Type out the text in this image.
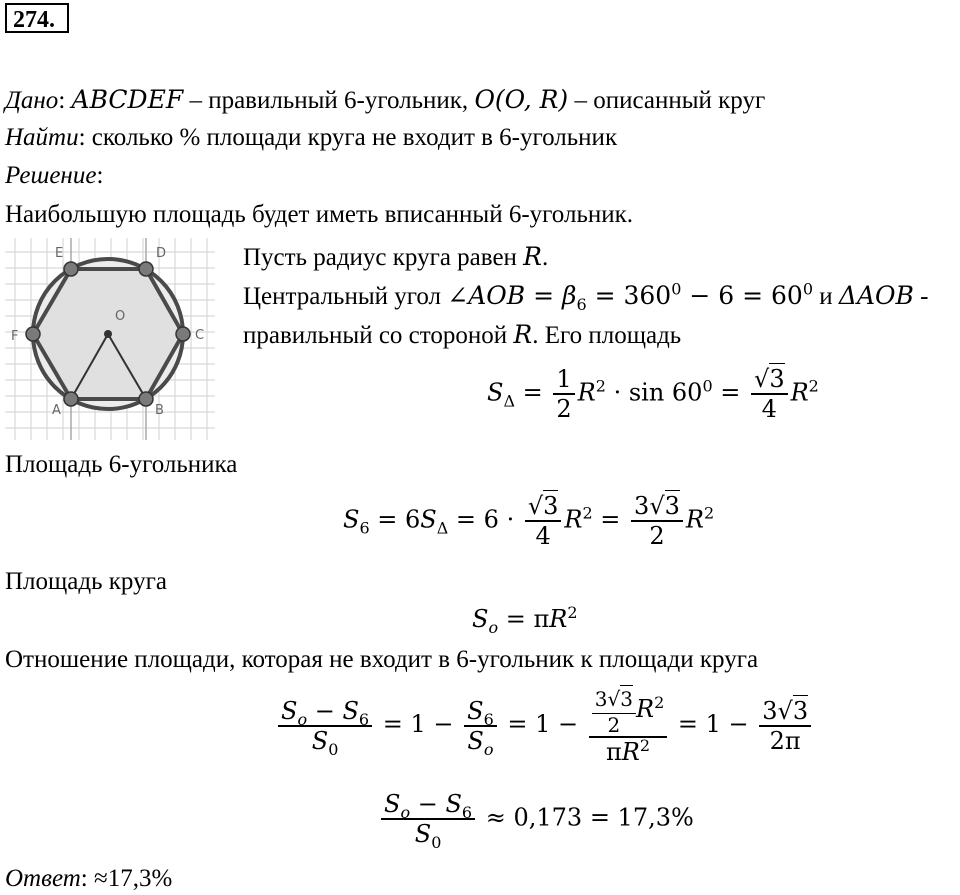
274.
Дано: ABCDEF – правильный 6-угольник, O(O, R) – описанный круг
Найти: сколько % площади круга не входит в 6-угольник
Решение:
Наибольшую площадь будет иметь вписанный 6-угольник.
E	D
C
B
A
F
O
Пусть радиус круга равен R.
Центральный угол ∠AOB = $\beta_6 = 360^0 - 6 = 60^0$ и ΔAOB -
правильный со стороной R. Его площадь
$S_\Delta = \frac{1}{2} R^2 \cdot \sin 60^0 = \frac{√3}{4} R^2$
Площадь 6-угольника
$S_6 = 6S_\Delta = 6 \cdot \frac{√3}{4} R^2 = \frac{3√3}{2} R^2$
Площадь круга
$S_o = \pi R^2$
Отношение площади, которая не входит в 6-угольник к площади круга
$\frac{S_o - S_6}{S_0} = 1 - \frac{S_6}{S_o} = 1 - \frac{\frac{3√3}{2} R^2}{\pi R^2} = 1 - \frac{3√3}{2\pi}$
$\frac{S_o - S_6}{S_0} \approx 0,173 = 17,3\%$
Ответ: ≈17,3%
